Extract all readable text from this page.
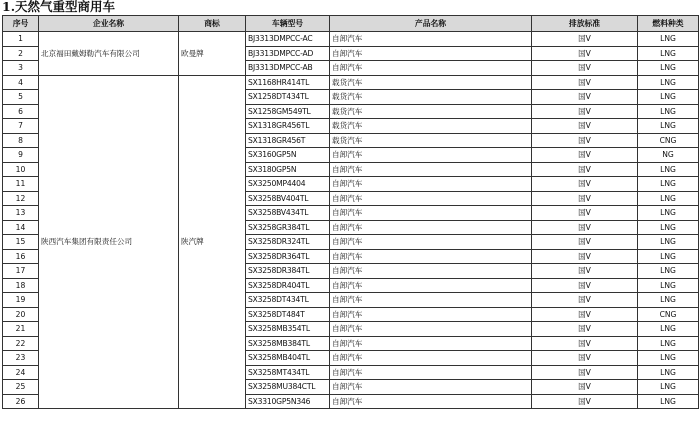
1.天然气重型商用车
序号	企业名称	商标	车辆型号	产品名称	排放标准	燃料种类
1	北京福田戴姆勒汽车有限公司	欧曼牌	BJ3313DMPCC-AC	自卸汽车	国Ⅴ	LNG
2			BJ3313DMPCC-AD	自卸汽车	国Ⅴ	LNG
3			BJ3313DMPCC-AB	自卸汽车	国Ⅴ	LNG
4	陕西汽车集团有限责任公司	陕汽牌	SX1168HR414TL	载货汽车	国Ⅴ	LNG
5			SX1258DT434TL	载货汽车	国Ⅴ	LNG
6			SX1258GM549TL	载货汽车	国Ⅴ	LNG
7			SX1318GR456TL	载货汽车	国Ⅴ	LNG
8			SX1318GR456T	载货汽车	国Ⅴ	CNG
9			SX3160GP5N	自卸汽车	国Ⅴ	NG
10			SX3180GP5N	自卸汽车	国Ⅴ	LNG
11			SX3250MP4404	自卸汽车	国Ⅴ	LNG
12			SX3258BV404TL	自卸汽车	国Ⅴ	LNG
13			SX3258BV434TL	自卸汽车	国Ⅴ	LNG
14			SX3258GR384TL	自卸汽车	国Ⅴ	LNG
15			SX3258DR324TL	自卸汽车	国Ⅴ	LNG
16			SX3258DR364TL	自卸汽车	国Ⅴ	LNG
17			SX3258DR384TL	自卸汽车	国Ⅴ	LNG
18			SX3258DR404TL	自卸汽车	国Ⅴ	LNG
19			SX3258DT434TL	自卸汽车	国Ⅴ	LNG
20			SX3258DT484T	自卸汽车	国Ⅴ	CNG
21			SX3258MB354TL	自卸汽车	国Ⅴ	LNG
22			SX3258MB384TL	自卸汽车	国Ⅴ	LNG
23			SX3258MB404TL	自卸汽车	国Ⅴ	LNG
24			SX3258MT434TL	自卸汽车	国Ⅴ	LNG
25			SX3258MU384CTL	自卸汽车	国Ⅴ	LNG
26			SX3310GP5N346	自卸汽车	国Ⅴ	LNG
